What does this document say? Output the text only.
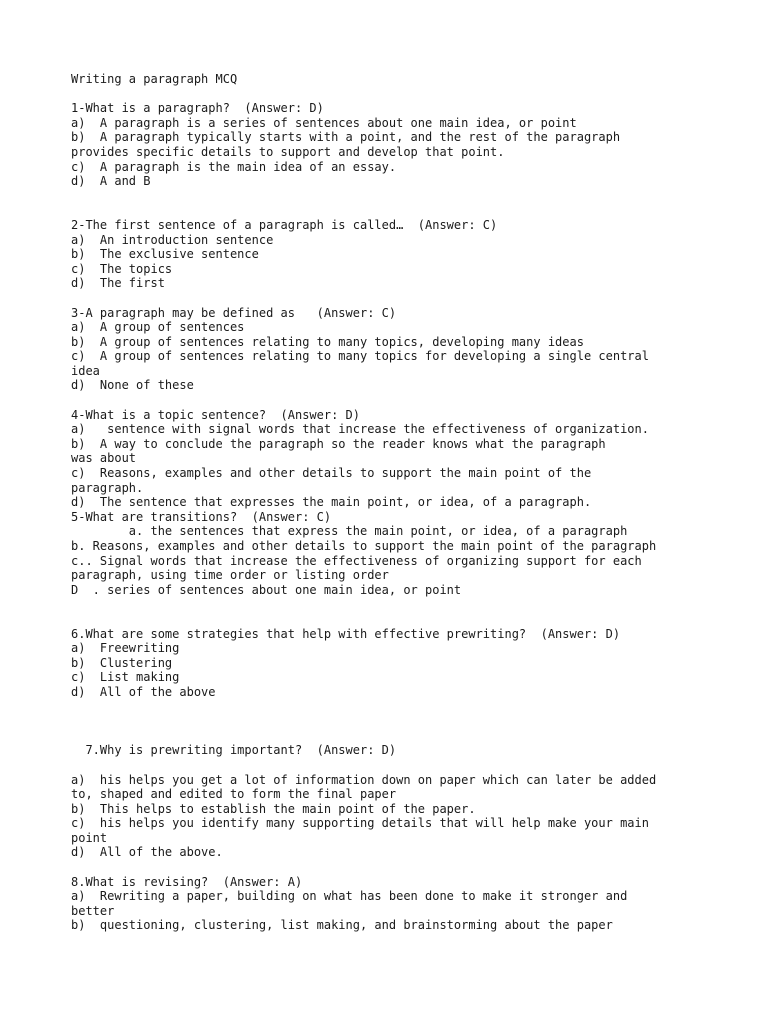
Writing a paragraph MCQ
1-What is a paragraph?  (Answer: D)
a)  A paragraph is a series of sentences about one main idea, or point
b)  A paragraph typically starts with a point, and the rest of the paragraph
provides specific details to support and develop that point.
c)  A paragraph is the main idea of an essay.
d)  A and B
2-The first sentence of a paragraph is called…  (Answer: C)
a)  An introduction sentence
b)  The exclusive sentence
c)  The topics
d)  The first
3-A paragraph may be defined as   (Answer: C)
a)  A group of sentences
b)  A group of sentences relating to many topics, developing many ideas
c)  A group of sentences relating to many topics for developing a single central
idea
d)  None of these
4-What is a topic sentence?  (Answer: D)
a)   sentence with signal words that increase the effectiveness of organization.
b)  A way to conclude the paragraph so the reader knows what the paragraph
was about
c)  Reasons, examples and other details to support the main point of the
paragraph.
d)  The sentence that expresses the main point, or idea, of a paragraph.
5-What are transitions?  (Answer: C)
a. the sentences that express the main point, or idea, of a paragraph
b. Reasons, examples and other details to support the main point of the paragraph
c.. Signal words that increase the effectiveness of organizing support for each
paragraph, using time order or listing order
D  . series of sentences about one main idea, or point
6.What are some strategies that help with effective prewriting?  (Answer: D)
a)  Freewriting
b)  Clustering
c)  List making
d)  All of the above
7.Why is prewriting important?  (Answer: D)
a)  his helps you get a lot of information down on paper which can later be added
to, shaped and edited to form the final paper
b)  This helps to establish the main point of the paper.
c)  his helps you identify many supporting details that will help make your main
point
d)  All of the above.
8.What is revising?  (Answer: A)
a)  Rewriting a paper, building on what has been done to make it stronger and
better
b)  questioning, clustering, list making, and brainstorming about the paper
